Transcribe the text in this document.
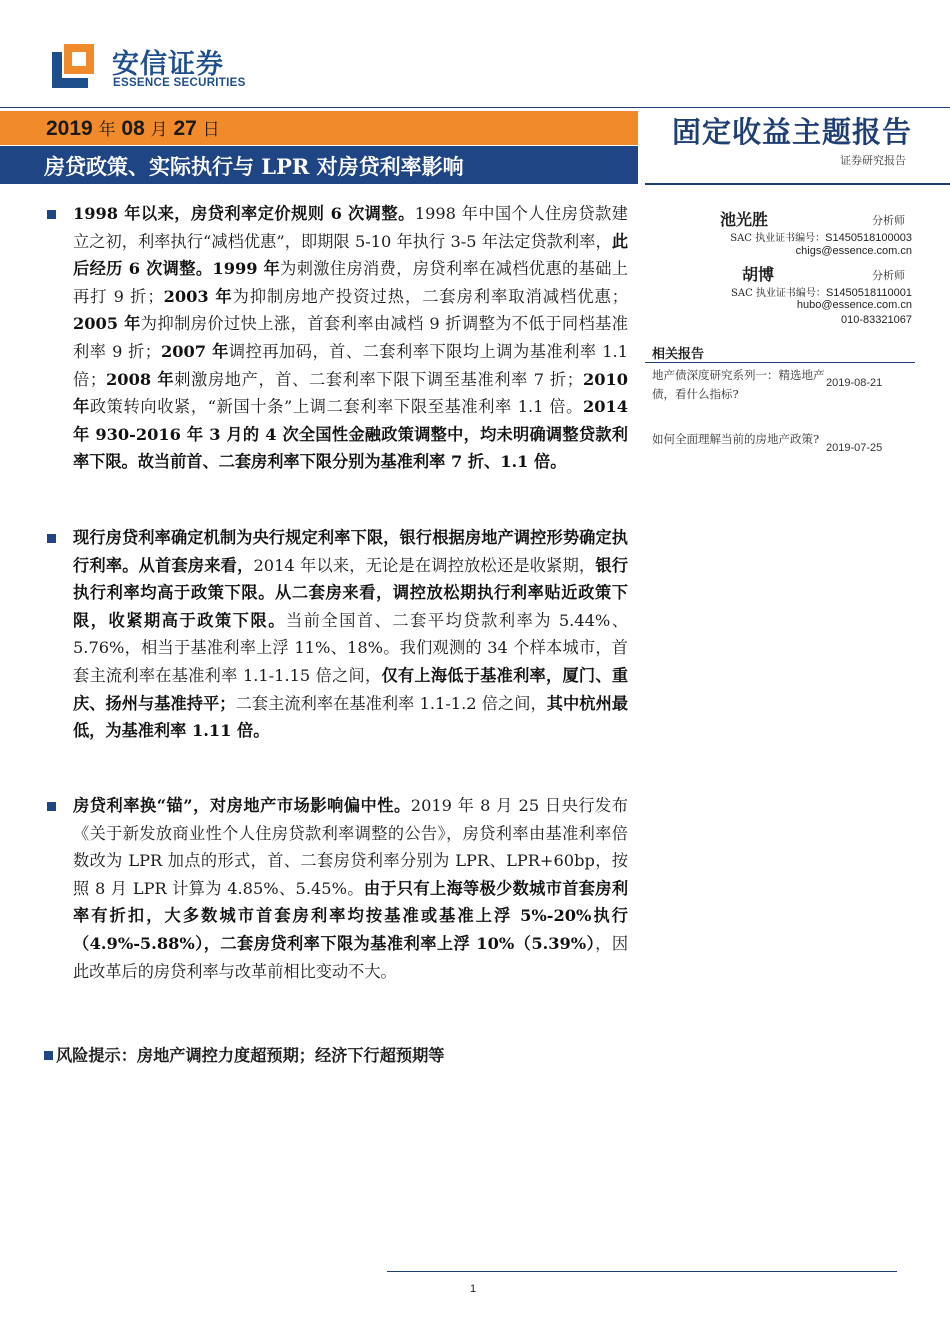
安信证券
ESSENCE SECURITIES
2019 年 08 月 27 日
房贷政策、实际执行与 LPR 对房贷利率影响
固定收益主题报告
证券研究报告
1998 年以来，房贷利率定价规则 6 次调整。1998 年中国个人住房贷款建立之初，利率执行“减档优惠”，即期限 5-10 年执行 3-5 年法定贷款利率，此后经历 6 次调整。1999 年为刺激住房消费，房贷利率在减档优惠的基础上再打 9 折；2003 年为抑制房地产投资过热，二套房利率取消减档优惠；2005 年为抑制房价过快上涨，首套利率由减档 9 折调整为不低于同档基准利率 9 折；2007 年调控再加码，首、二套利率下限均上调为基准利率 1.1 倍；2008 年刺激房地产，首、二套利率下限下调至基准利率 7 折；2010 年政策转向收紧，“新国十条”上调二套利率下限至基准利率 1.1 倍。2014 年 930-2016 年 3 月的 4 次全国性金融政策调整中，均未明确调整贷款利率下限。故当前首、二套房利率下限分别为基准利率 7 折、1.1 倍。
现行房贷利率确定机制为央行规定利率下限，银行根据房地产调控形势确定执行利率。从首套房来看，2014 年以来，无论是在调控放松还是收紧期，银行执行利率均高于政策下限。从二套房来看，调控放松期执行利率贴近政策下限，收紧期高于政策下限。当前全国首、二套平均贷款利率为 5.44%、5.76%，相当于基准利率上浮 11%、18%。我们观测的 34 个样本城市，首套主流利率在基准利率 1.1-1.15 倍之间，仅有上海低于基准利率，厦门、重庆、扬州与基准持平；二套主流利率在基准利率 1.1-1.2 倍之间，其中杭州最低，为基准利率 1.11 倍。
房贷利率换“锚”，对房地产市场影响偏中性。2019 年 8 月 25 日央行发布《关于新发放商业性个人住房贷款利率调整的公告》，房贷利率由基准利率倍数改为 LPR 加点的形式，首、二套房贷利率分别为 LPR、LPR+60bp，按照 8 月 LPR 计算为 4.85%、5.45%。由于只有上海等极少数城市首套房利率有折扣，大多数城市首套房利率均按基准或基准上浮 5%-20%执行（4.9%-5.88%），二套房贷利率下限为基准利率上浮 10%（5.39%），因此改革后的房贷利率与改革前相比变动不大。
风险提示：房地产调控力度超预期；经济下行超预期等
池光胜	分析师
SAC 执业证书编号：S1450518100003
chigs@essence.com.cn
胡博	分析师
SAC 执业证书编号：S1450518110001
hubo@essence.com.cn
010-83321067
相关报告
地产债深度研究系列一：精选地产债，看什么指标?
2019-08-21
如何全面理解当前的房地产政策?
2019-07-25
1
